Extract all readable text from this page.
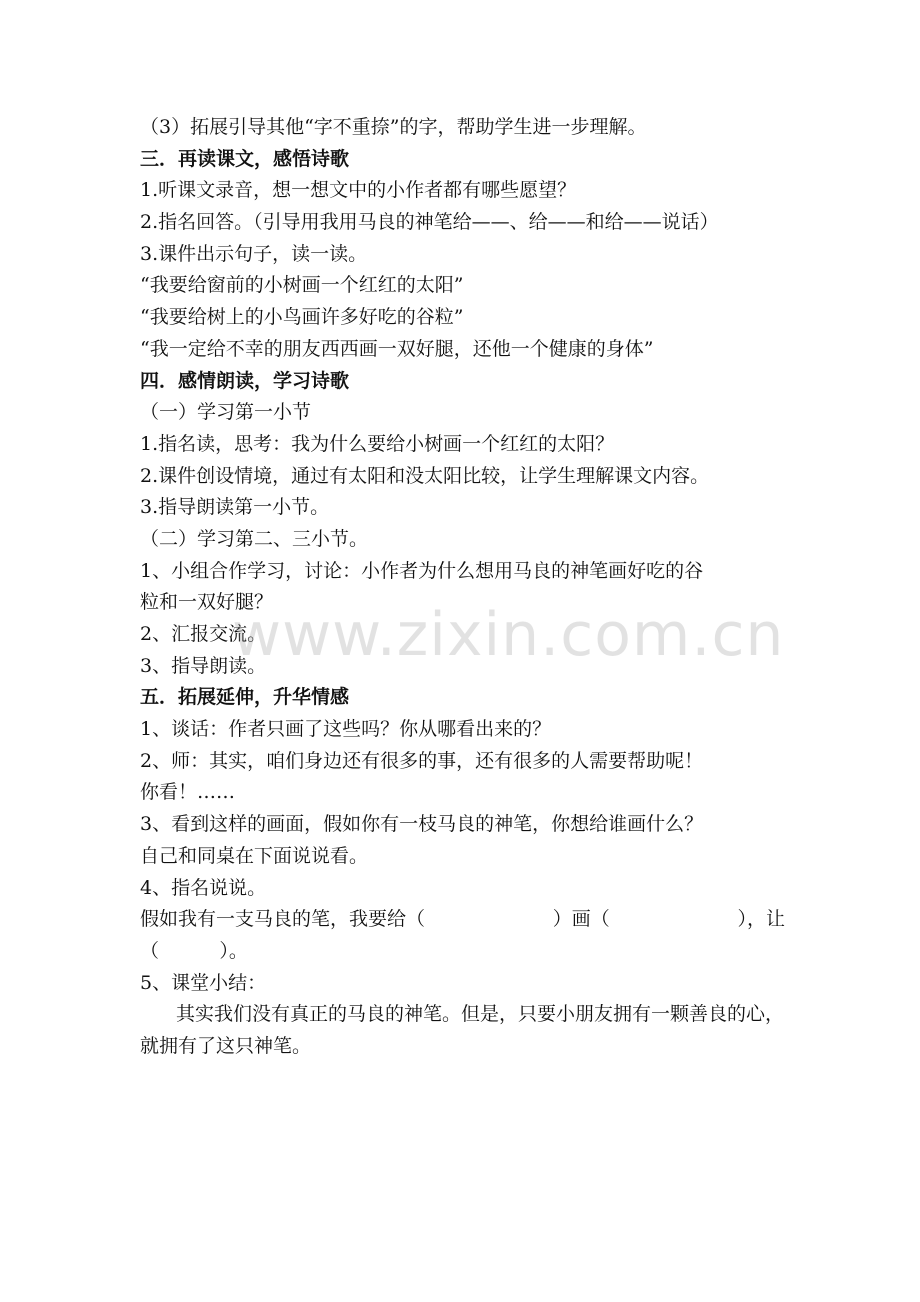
（3）拓展引导其他“字不重捺”的字，帮助学生进一步理解。
三．再读课文，感悟诗歌
1.听课文录音，想一想文中的小作者都有哪些愿望？
2.指名回答。（引导用我用马良的神笔给——、给——和给——说话）
3.课件出示句子，读一读。
“我要给窗前的小树画一个红红的太阳”
“我要给树上的小鸟画许多好吃的谷粒”
“我一定给不幸的朋友西西画一双好腿，还他一个健康的身体”
四．感情朗读，学习诗歌
（一）学习第一小节
1.指名读，思考：我为什么要给小树画一个红红的太阳？
2.课件创设情境，通过有太阳和没太阳比较，让学生理解课文内容。
3.指导朗读第一小节。
（二）学习第二、三小节。
1、小组合作学习，讨论：小作者为什么想用马良的神笔画好吃的谷
粒和一双好腿？
2、汇报交流。
3、指导朗读。
五．拓展延伸，升华情感
1、谈话：作者只画了这些吗？你从哪看出来的？
2、师：其实，咱们身边还有很多的事，还有很多的人需要帮助呢！
你看！……
3、看到这样的画面，假如你有一枝马良的神笔，你想给谁画什么？
自己和同桌在下面说说看。
4、指名说说。
假如我有一支马良的笔，我要给（	）画（	），让
（          ）。
5、课堂小结：
其实我们没有真正的马良的神笔。但是，只要小朋友拥有一颗善良的心，就拥有了这只神笔。
www.zixin.com.cn
